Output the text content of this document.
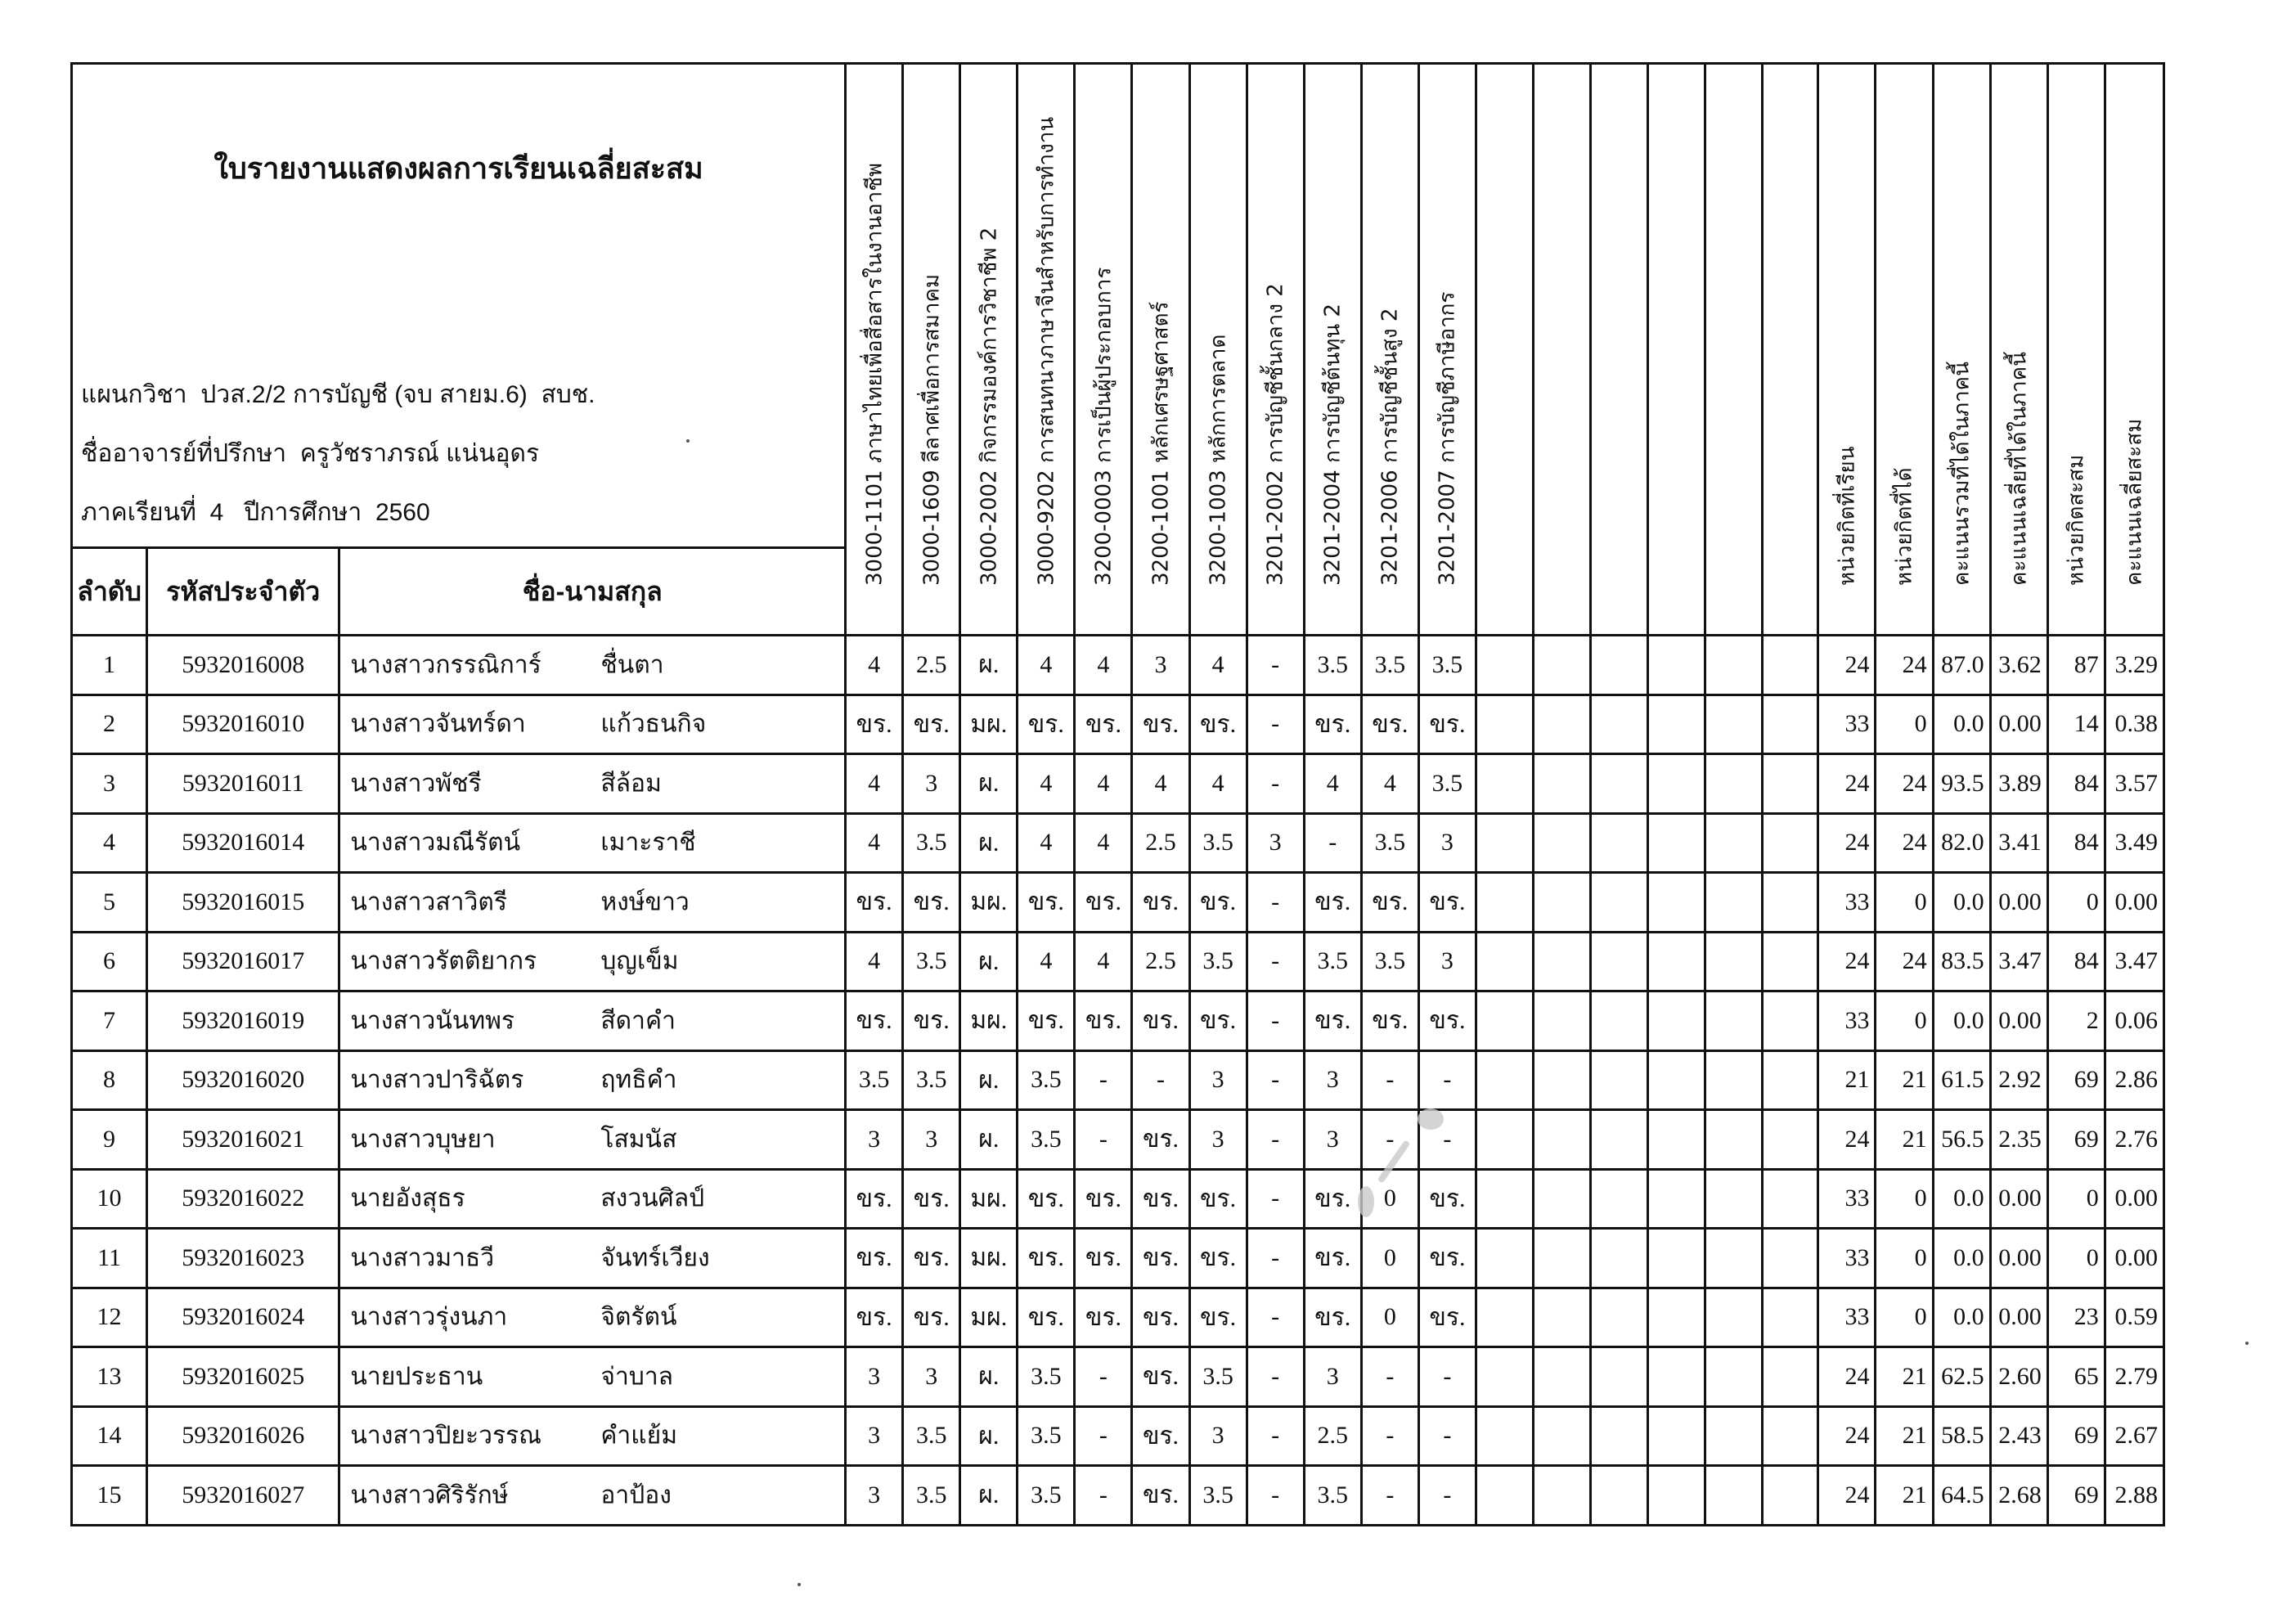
ใบรายงานแสดงผลการเรียนเฉลี่ยสะสม
แผนกวิชา  ปวส.2/2 การบัญชี (จบ สายม.6)  สบช.
ชื่ออาจารย์ที่ปรึกษา  ครูวัชราภรณ์ แน่นอุดร
ภาคเรียนที่  4   ปีการศึกษา  2560			3000-1101 ภาษาไทยเพื่อสื่อสารในงานอาชีพ	3000-1609 ลีลาศเพื่อการสมาคม	3000-2002 กิจกรรมองค์การวิชาชีพ 2	3000-9202 การสนทนาภาษาจีนสำหรับการทำงาน	3200-0003 การเป็นผู้ประกอบการ	3200-1001 หลักเศรษฐศาสตร์	3200-1003 หลักการตลาด	3201-2002 การบัญชีชั้นกลาง 2	3201-2004 การบัญชีต้นทุน 2	3201-2006 การบัญชีชั้นสูง 2	3201-2007 การบัญชีภาษีอากร							หน่วยกิตที่เรียน	หน่วยกิตที่ได้	คะแนนรวมที่ได้ในภาคนี้	คะแนนเฉลี่ยที่ได้ในภาคนี้	หน่วยกิตสะสม	คะแนนเฉลี่ยสะสม

ลำดับ	รหัสประจำตัว	ชื่อ-นามสกุล																							
1	5932016008	นางสาวกรรณิการ์ ชื่นตา	4	2.5	ผ.	4	4	3	4	-	3.5	3.5	3.5							24	24	87.0	3.62	87	3.29
2	5932016010	นางสาวจันทร์ดา แก้วธนกิจ	ขร.	ขร.	มผ.	ขร.	ขร.	ขร.	ขร.	-	ขร.	ขร.	ขร.							33	0	0.0	0.00	14	0.38
3	5932016011	นางสาวพัชรี สีล้อม	4	3	ผ.	4	4	4	4	-	4	4	3.5							24	24	93.5	3.89	84	3.57
4	5932016014	นางสาวมณีรัตน์ เมาะราชี	4	3.5	ผ.	4	4	2.5	3.5	3	-	3.5	3							24	24	82.0	3.41	84	3.49
5	5932016015	นางสาวสาวิตรี หงษ์ขาว	ขร.	ขร.	มผ.	ขร.	ขร.	ขร.	ขร.	-	ขร.	ขร.	ขร.							33	0	0.0	0.00	0	0.00
6	5932016017	นางสาวรัตติยากร บุญเข็ม	4	3.5	ผ.	4	4	2.5	3.5	-	3.5	3.5	3							24	24	83.5	3.47	84	3.47
7	5932016019	นางสาวนันทพร สีดาคำ	ขร.	ขร.	มผ.	ขร.	ขร.	ขร.	ขร.	-	ขร.	ขร.	ขร.							33	0	0.0	0.00	2	0.06
8	5932016020	นางสาวปาริฉัตร ฤทธิคำ	3.5	3.5	ผ.	3.5	-	-	3	-	3	-	-							21	21	61.5	2.92	69	2.86
9	5932016021	นางสาวบุษยา โสมนัส	3	3	ผ.	3.5	-	ขร.	3	-	3	-	-							24	21	56.5	2.35	69	2.76
10	5932016022	นายอังสุธร สงวนศิลป์	ขร.	ขร.	มผ.	ขร.	ขร.	ขร.	ขร.	-	ขร.	0	ขร.							33	0	0.0	0.00	0	0.00
11	5932016023	นางสาวมาธวี จันทร์เวียง	ขร.	ขร.	มผ.	ขร.	ขร.	ขร.	ขร.	-	ขร.	0	ขร.							33	0	0.0	0.00	0	0.00
12	5932016024	นางสาวรุ่งนภา จิตรัตน์	ขร.	ขร.	มผ.	ขร.	ขร.	ขร.	ขร.	-	ขร.	0	ขร.							33	0	0.0	0.00	23	0.59
13	5932016025	นายประธาน จ่าบาล	3	3	ผ.	3.5	-	ขร.	3.5	-	3	-	-							24	21	62.5	2.60	65	2.79
14	5932016026	นางสาวปิยะวรรณ คำแย้ม	3	3.5	ผ.	3.5	-	ขร.	3	-	2.5	-	-							24	21	58.5	2.43	69	2.67
15	5932016027	นางสาวศิริรักษ์ อาป้อง	3	3.5	ผ.	3.5	-	ขร.	3.5	-	3.5	-	-							24	21	64.5	2.68	69	2.88
